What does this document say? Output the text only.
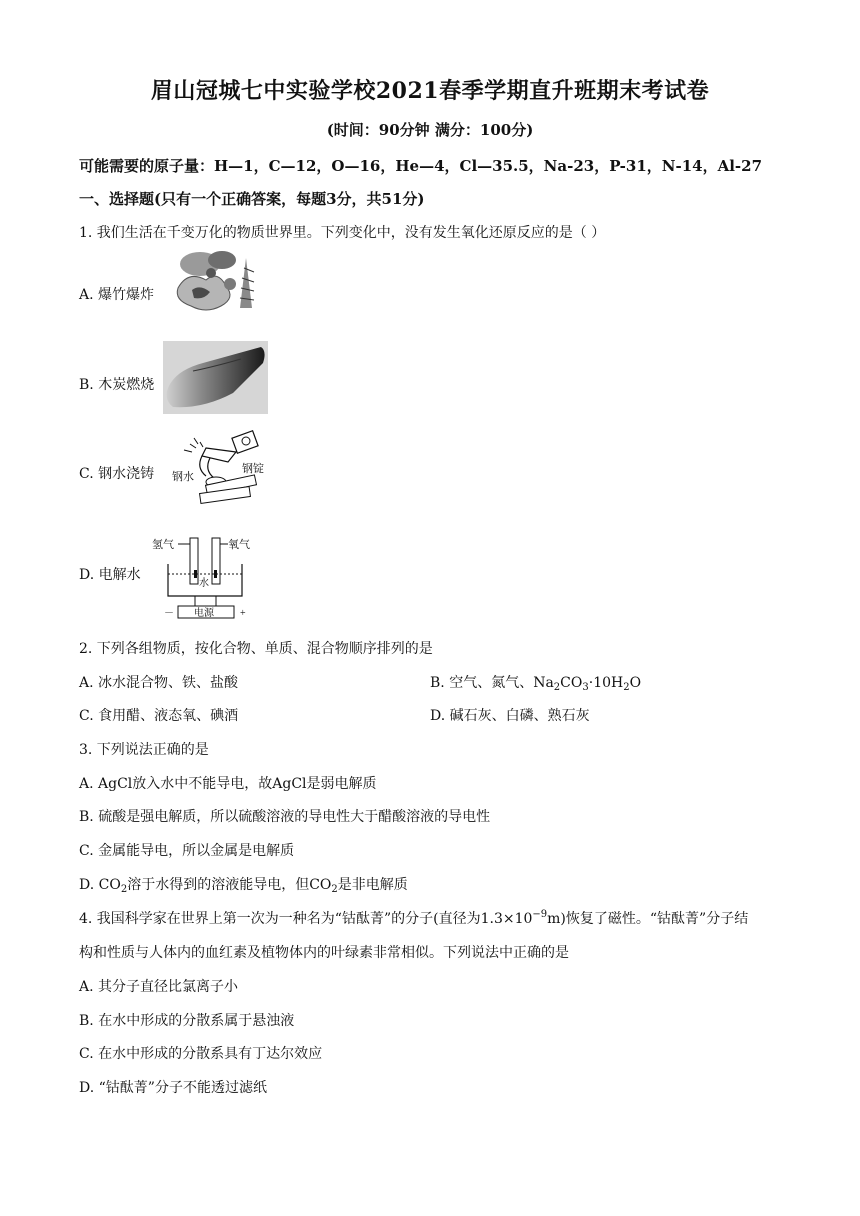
眉山冠城七中实验学校2021春季学期直升班期末考试卷
(时间：90分钟 满分：100分)
可能需要的原子量：H—1，C—12，O—16，He—4，Cl—35.5，Na-23，P-31，N-14，Al-27
一、选择题(只有一个正确答案，每题3分，共51分)
1. 我们生活在千变万化的物质世界里。下列变化中，没有发生氧化还原反应的是（ ）
A. 爆竹爆炸
B. 木炭燃烧
C. 钢水浇铸 钢水
钢锭
D. 电解水
氢气	氧气
水
－ 电源	+
2. 下列各组物质，按化合物、单质、混合物顺序排列的是
A. 冰水混合物、铁、盐酸	B. 空气、氮气、$Na_2CO_3\cdot 10H_2O$
C. 食用醋、液态氧、碘酒	D. 碱石灰、白磷、熟石灰
3. 下列说法正确的是
A. AgCl放入水中不能导电，故AgCl是弱电解质
B. 硫酸是强电解质，所以硫酸溶液的导电性大于醋酸溶液的导电性
C. 金属能导电，所以金属是电解质
D. $CO_2$溶于水得到的溶液能导电，但$CO_2$是非电解质
4. 我国科学家在世界上第一次为一种名为“钴酞菁”的分子(直径为$1.3\times 10^{-9}m$)恢复了磁性。“钴酞菁”分子结
构和性质与人体内的血红素及植物体内的叶绿素非常相似。下列说法中正确的是
A. 其分子直径比氯离子小
B. 在水中形成的分散系属于悬浊液
C. 在水中形成的分散系具有丁达尔效应
D. “钴酞菁”分子不能透过滤纸
